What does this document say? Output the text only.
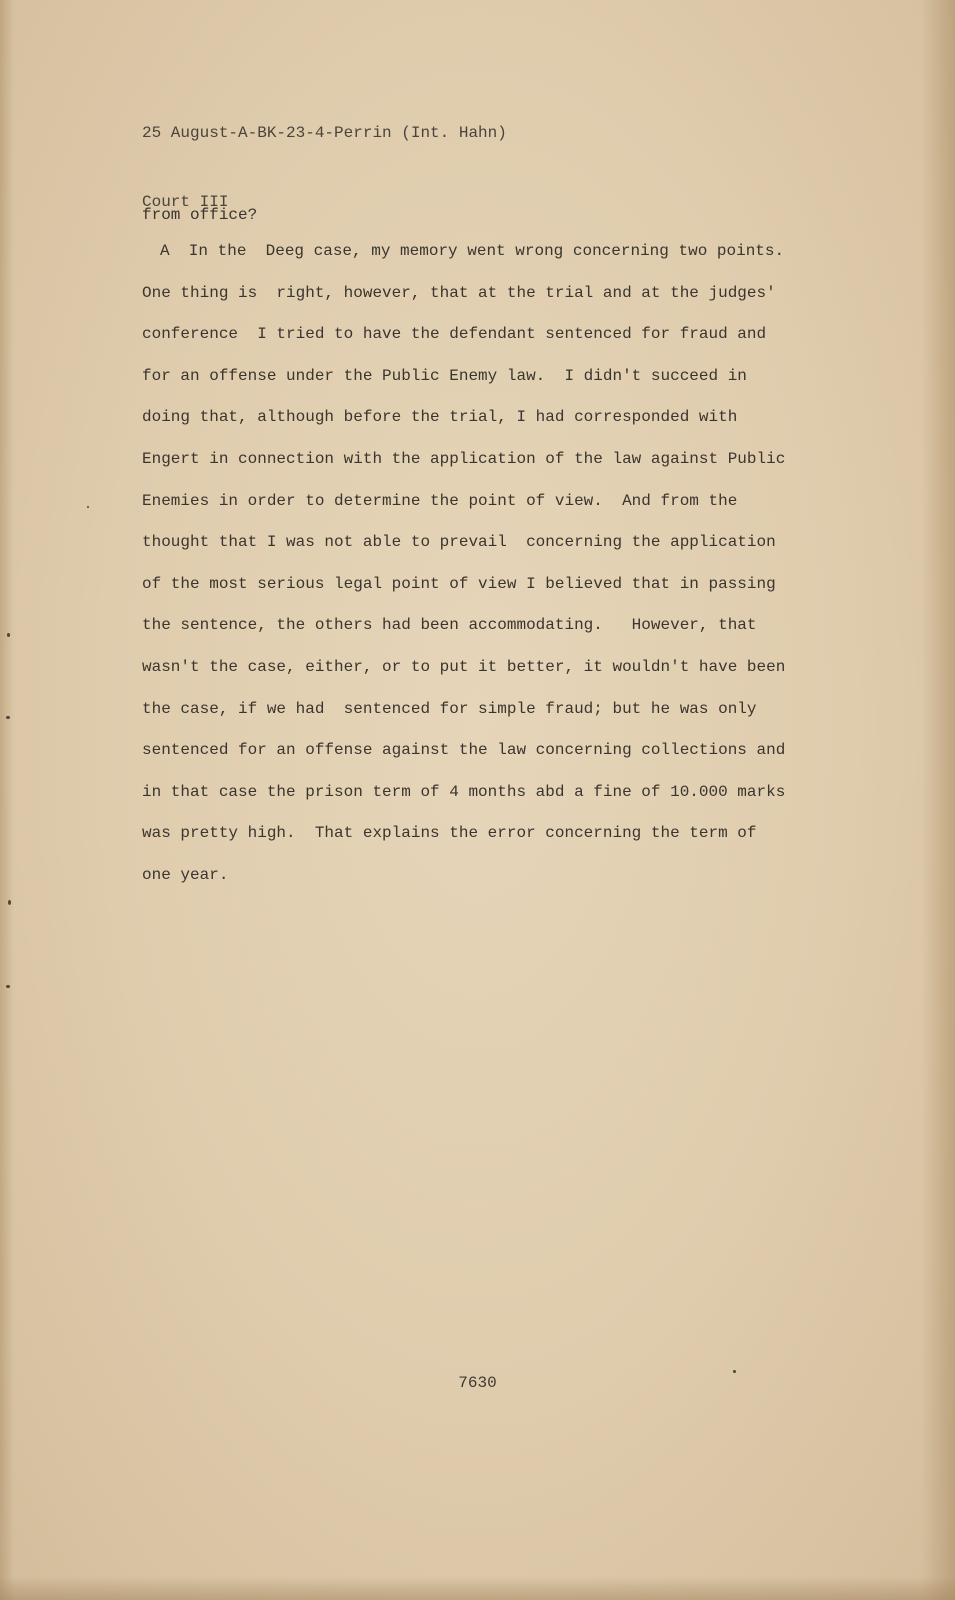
25 August-A-BK-23-4-Perrin (Int. Hahn)

Court III

from office?
A  In the  Deeg case, my memory went wrong concerning two points.
One thing is  right, however, that at the trial and at the judges'
conference  I tried to have the defendant sentenced for fraud and
for an offense under the Public Enemy law.  I didn't succeed in
doing that, although before the trial, I had corresponded with
Engert in connection with the application of the law against Public
Enemies in order to determine the point of view.  And from the
thought that I was not able to prevail  concerning the application
of the most serious legal point of view I believed that in passing
the sentence, the others had been accommodating.   However, that
wasn't the case, either, or to put it better, it wouldn't have been
the case, if we had  sentenced for simple fraud; but he was only
sentenced for an offense against the law concerning collections and
in that case the prison term of 4 months abd a fine of 10.000 marks
was pretty high.  That explains the error concerning the term of
one year.
7630
